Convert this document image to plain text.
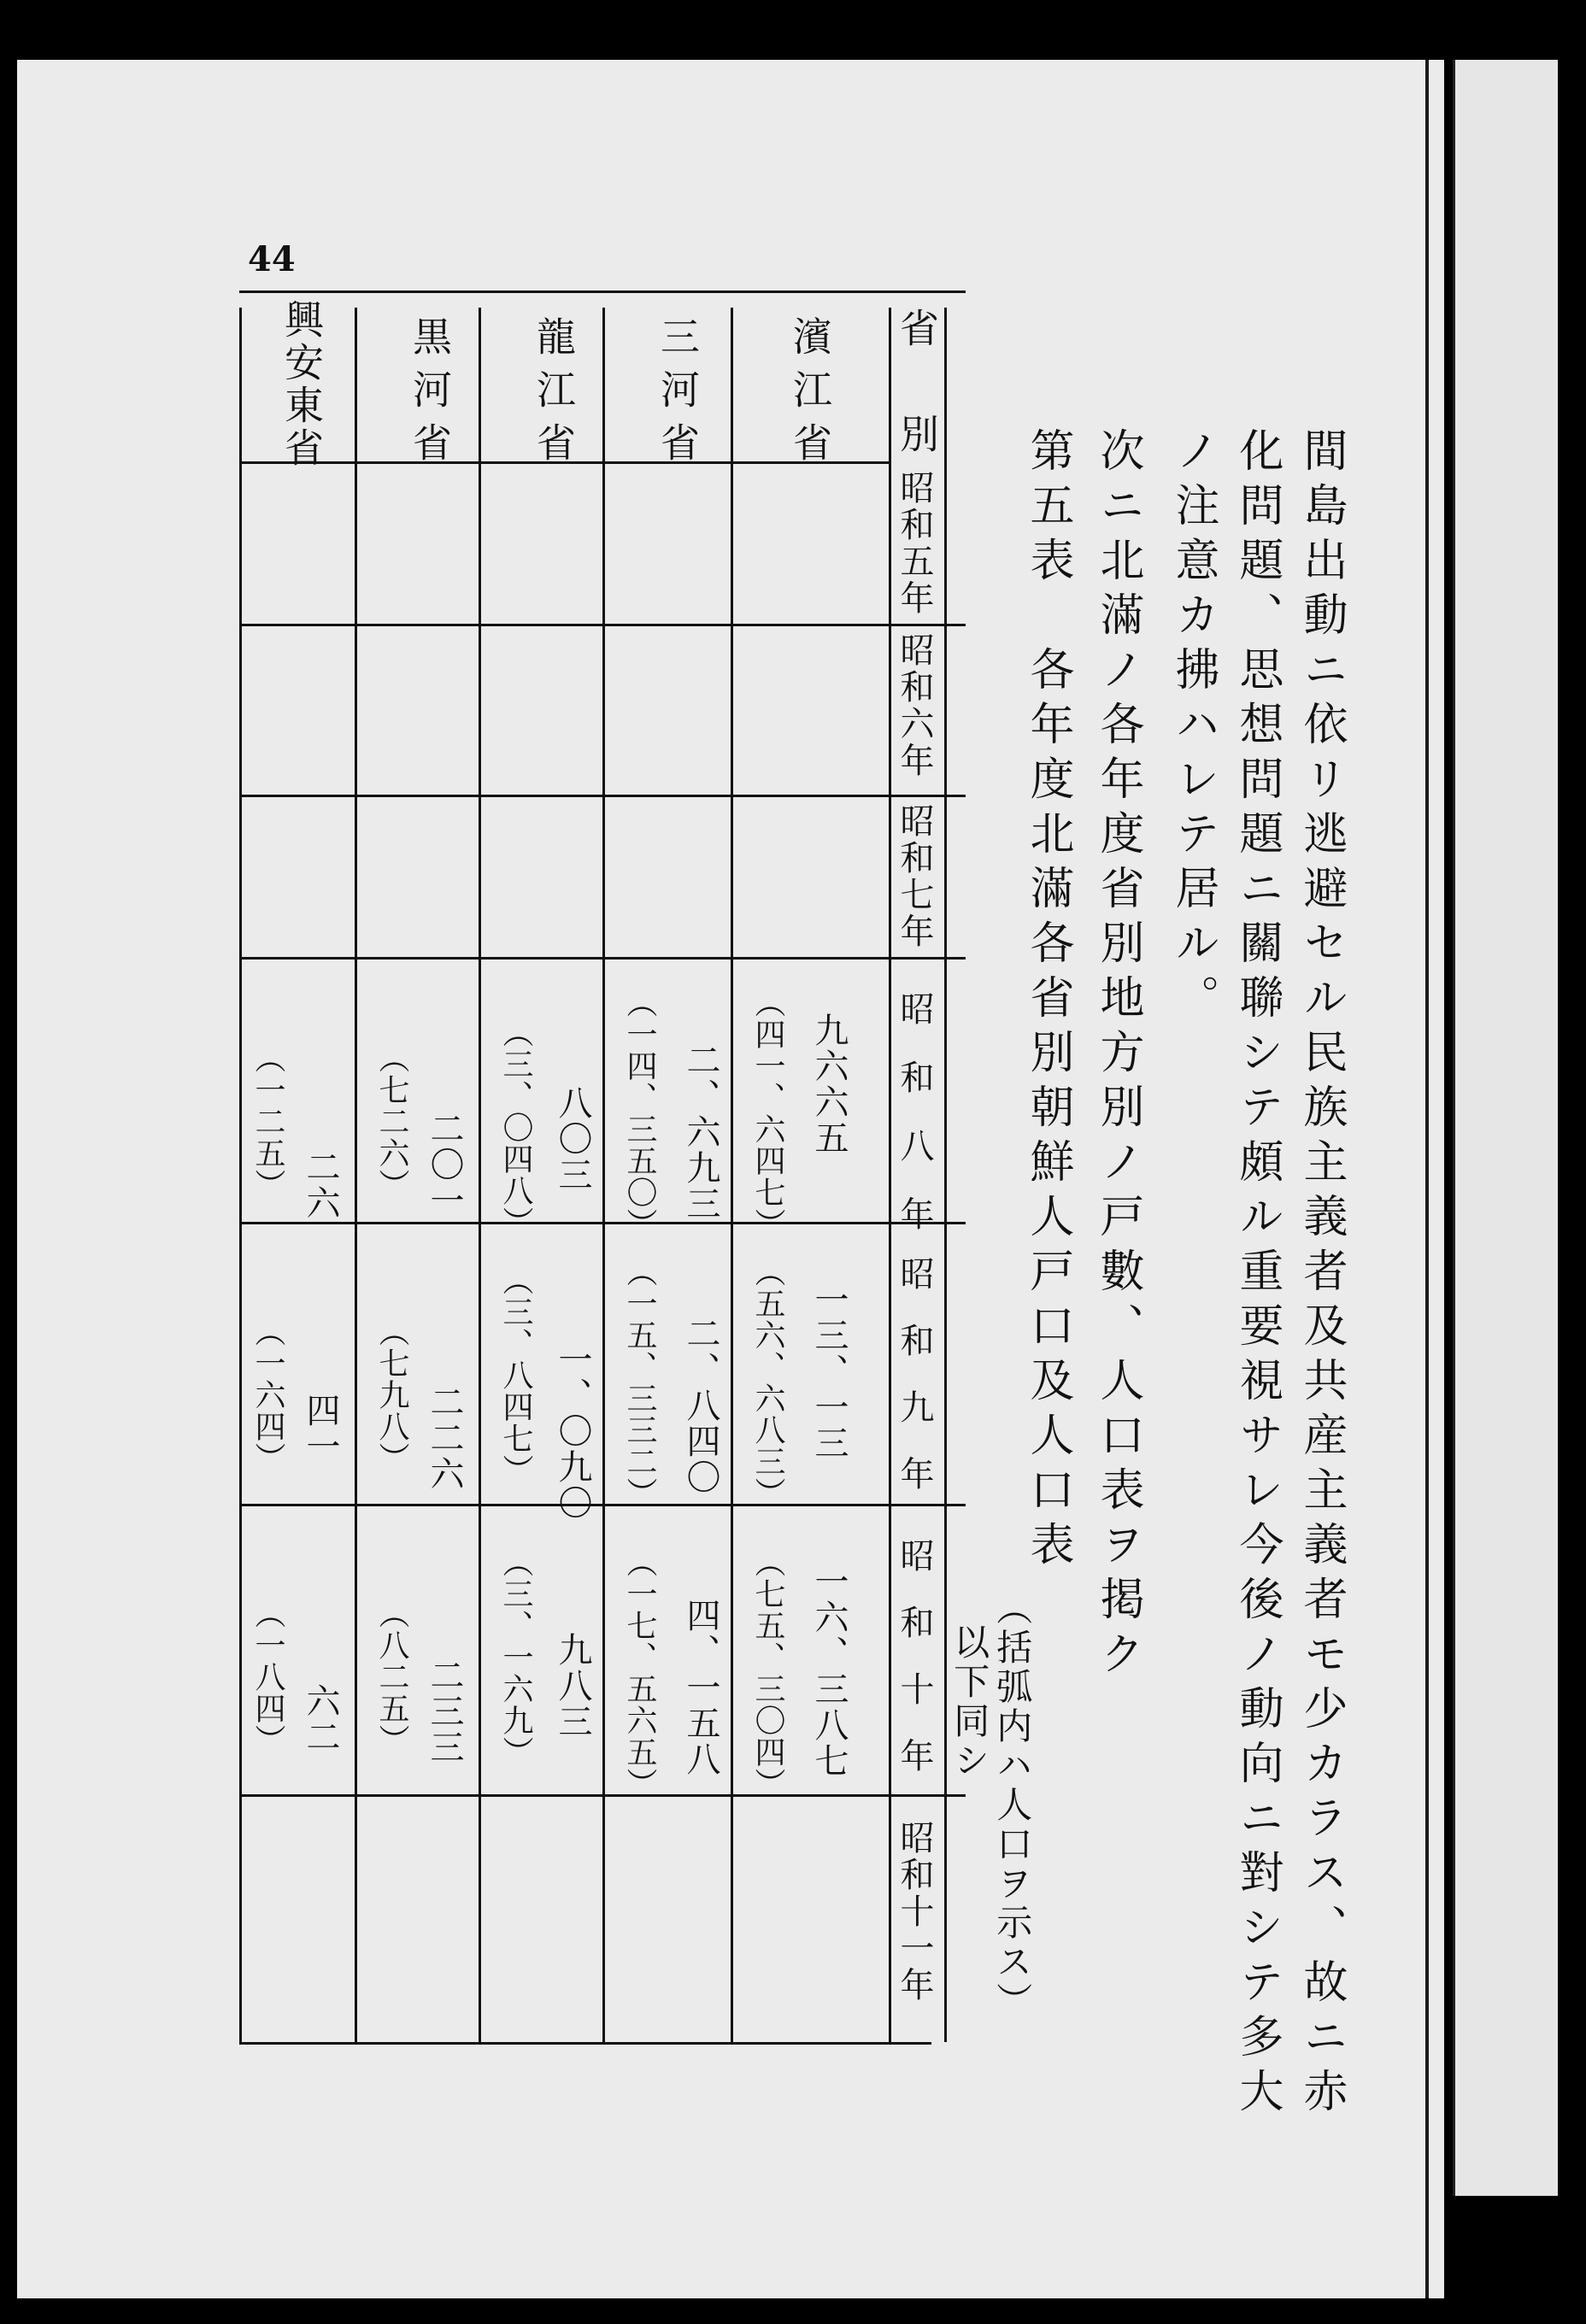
間島出動ニ依リ逃避セル民族主義者及共産主義者モ少カラス、故ニ赤
化問題、思想問題ニ關聯シテ頗ル重要視サレ今後ノ動向ニ對シテ多大
ノ注意カ拂ハレテ居ル。
次ニ北滿ノ各年度省別地方別ノ戸數、人口表ヲ掲ク
第五表　各年度北滿各省別朝鮮人戸口及人口表
（括弧内ハ人口ヲ示ス）
以下同シ
44
省　別
昭和五年
昭和六年
昭和七年
昭和八年
昭和九年
昭和十年
昭和十一年
濱江省
九六六五
（四一、六四七）
一三、一三
（五六、六八三）
一六、三八七
（七五、三〇四）
三河省
二、六九三
（一四、三五〇）
二、八四〇
（一五、三三二）
四、一五八
（一七、五六五）
龍江省
八〇三
（三、〇四八）
一、〇九〇
（三、八四七）
九八三
（三、一六九）
黒河省
二〇一
（七二六）
二二六
（七九八）
二三三
（八二五）
興安東省
二六
（一二五）
四一
（一六四）
六二
（一八四）
